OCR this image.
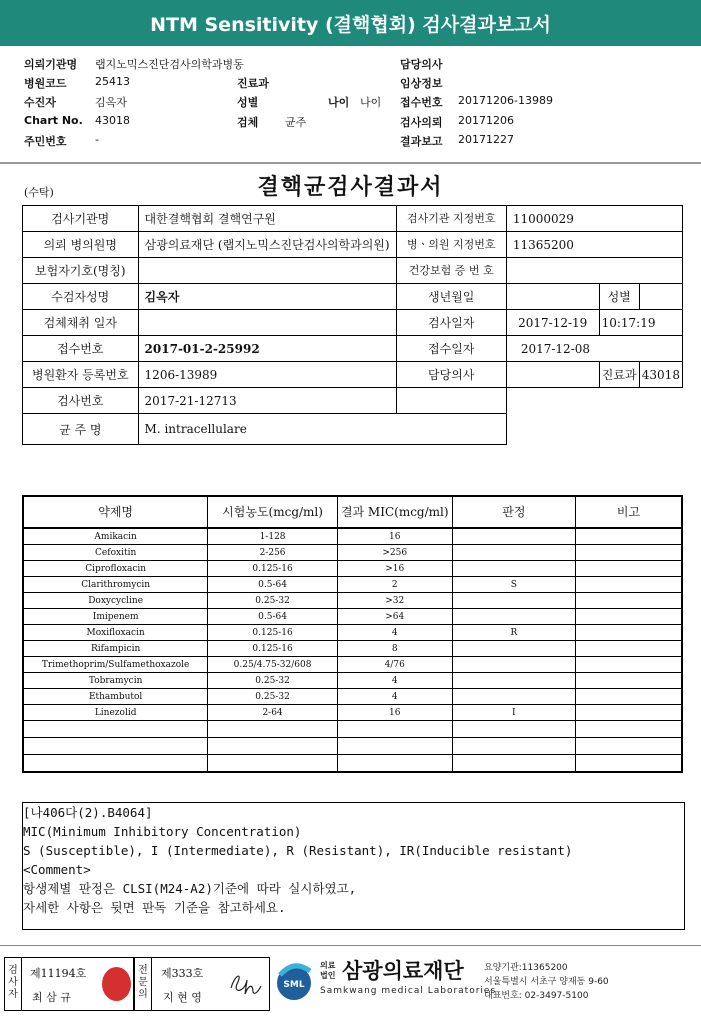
NTM Sensitivity (결핵협회) 검사결과보고서
의뢰기관명 랩지노믹스진단검사의학과병동	담당의사
병원코드	25413	진료과	임상정보
수진자	김옥자	성별	나이 나이 접수번호 20171206-13989
Chart No. 43018	검체 균주	검사의뢰 20171206
주민번호	-	결과보고 20171227
결핵균검사결과서
(수탁)
검사기관명	대한결핵협회 결핵연구원	검사기관 지정번호	11000029		
의뢰 병의원명	삼광의료재단 (랩지노믹스진단검사의학과의원)	병ㆍ의원 지정번호	11365200		
보험자기호(명칭)		건강보험 증 번 호			
수검자성명	김옥자	생년월일		성별	
검체채취 일자		검사일자	2017-12-19	10:17:19	
접수번호	2017-01-2-25992	접수일자	2017-12-08		
병원환자 등록번호	1206-13989	담당의사		진료과	43018
검사번호	2017-21-12713				
균 주 명	M. intracellulare				
약제명	시험농도(mcg/ml)	결과 MIC(mcg/ml)	판정	비고
Amikacin	1-128	16		
Cefoxitin	2-256	>256		
Ciprofloxacin	0.125-16	>16		
Clarithromycin	0.5-64	2	S	
Doxycycline	0.25-32	>32		
Imipenem	0.5-64	>64		
Moxifloxacin	0.125-16	4	R	
Rifampicin	0.125-16	8		
Trimethoprim/Sulfamethoxazole	0.25/4.75-32/608	4/76		
Tobramycin	0.25-32	4		
Ethambutol	0.25-32	4		
Linezolid	2-64	16	I	

[나406다(2).B4064]
MIC(Minimum Inhibitory Concentration)
S (Susceptible), I (Intermediate), R (Resistant), IR(Inducible resistant)
<Comment>
항생제별 판정은 CLSI(M24-A2)기준에 따라 실시하였고,
자세한 사항은 뒷면 판독 기준을 참고하세요.
검사자
제11194호
최 삼 규
전문의
제333호
지 현 영
SML
의료 법인 삼광의료재단
Samkwang medical Laboratories
요양기관:11365200
서울특별시 서초구 양재동 9-60
대표번호: 02-3497-5100
